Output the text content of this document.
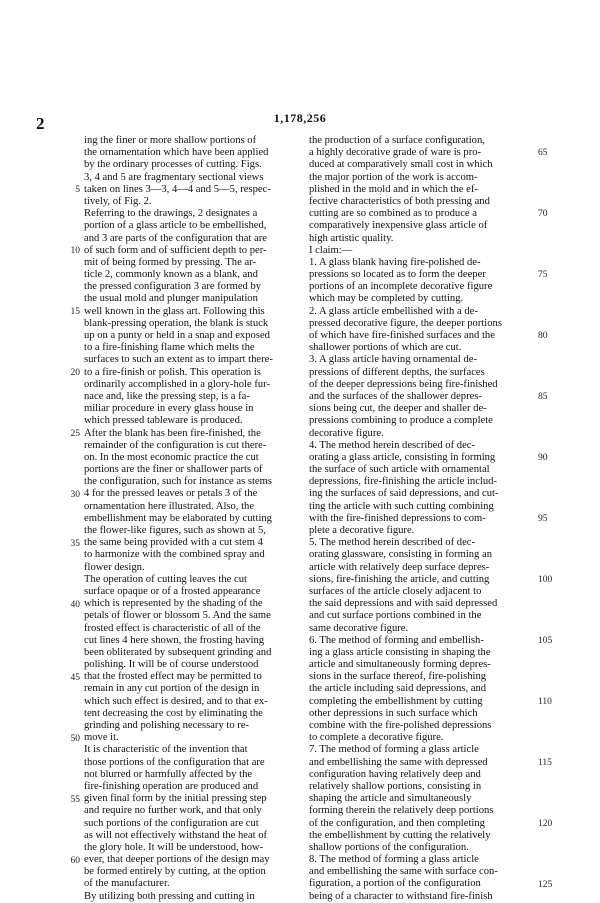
2	1,178,256
ing the finer or more shallow portions of
the ornamentation which have been applied
by the ordinary processes of cutting. Figs.
3, 4 and 5 are fragmentary sectional views
taken on lines 3—3, 4—4 and 5—5, respec-
tively, of Fig. 2.
Referring to the drawings, 2 designates a
portion of a glass article to be embellished,
and 3 are parts of the configuration that are
of such form and of sufficient depth to per-
mit of being formed by pressing. The ar-
ticle 2, commonly known as a blank, and
the pressed configuration 3 are formed by
the usual mold and plunger manipulation
well known in the glass art. Following this
blank-pressing operation, the blank is stuck
up on a punty or held in a snap and exposed
to a fire-finishing flame which melts the
surfaces to such an extent as to impart there-
to a fire-finish or polish. This operation is
ordinarily accomplished in a glory-hole fur-
nace and, like the pressing step, is a fa-
miliar procedure in every glass house in
which pressed tableware is produced.
After the blank has been fire-finished, the
remainder of the configuration is cut there-
on. In the most economic practice the cut
portions are the finer or shallower parts of
the configuration, such for instance as stems
4 for the pressed leaves or petals 3 of the
ornamentation here illustrated. Also, the
embellishment may be elaborated by cutting
the flower-like figures, such as shown at 5,
the same being provided with a cut stem 4
to harmonize with the combined spray and
flower design.
The operation of cutting leaves the cut
surface opaque or of a frosted appearance
which is represented by the shading of the
petals of flower or blossom 5. And the same
frosted effect is characteristic of all of the
cut lines 4 here shown, the frosting having
been obliterated by subsequent grinding and
polishing. It will be of course understood
that the frosted effect may be permitted to
remain in any cut portion of the design in
which such effect is desired, and to that ex-
tent decreasing the cost by eliminating the
grinding and polishing necessary to re-
move it.
It is characteristic of the invention that
those portions of the configuration that are
not blurred or harmfully affected by the
fire-finishing operation are produced and
given final form by the initial pressing step
and require no further work, and that only
such portions of the configuration are cut
as will not effectively withstand the heat of
the glory hole. It will be understood, how-
ever, that deeper portions of the design may
be formed entirely by cutting, at the option
of the manufacturer.
By utilizing both pressing and cutting in
the production of a surface configuration,
a highly decorative grade of ware is pro-
duced at comparatively small cost in which
the major portion of the work is accom-
plished in the mold and in which the ef-
fective characteristics of both pressing and
cutting are so combined as to produce a
comparatively inexpensive glass article of
high artistic quality.
I claim:—
1. A glass blank having fire-polished de-
pressions so located as to form the deeper
portions of an incomplete decorative figure
which may be completed by cutting.
2. A glass article embellished with a de-
pressed decorative figure, the deeper portions
of which have fire-finished surfaces and the
shallower portions of which are cut.
3. A glass article having ornamental de-
pressions of different depths, the surfaces
of the deeper depressions being fire-finished
and the surfaces of the shallower depres-
sions being cut, the deeper and shaller de-
pressions combining to produce a complete
decorative figure.
4. The method herein described of dec-
orating a glass article, consisting in forming
the surface of such article with ornamental
depressions, fire-finishing the article includ-
ing the surfaces of said depressions, and cut-
ting the article with such cutting combining
with the fire-finished depressions to com-
plete a decorative figure.
5. The method herein described of dec-
orating glassware, consisting in forming an
article with relatively deep surface depres-
sions, fire-finishing the article, and cutting
surfaces of the article closely adjacent to
the said depressions and with said depressed
and cut surface portions combined in the
same decorative figure.
6. The method of forming and embellish-
ing a glass article consisting in shaping the
article and simultaneously forming depres-
sions in the surface thereof, fire-polishing
the article including said depressions, and
completing the embellishment by cutting
other depressions in such surface which
combine with the fire-polished depressions
to complete a decorative figure.
7. The method of forming a glass article
and embellishing the same with depressed
configuration having relatively deep and
relatively shallow portions, consisting in
shaping the article and simultaneously
forming therein the relatively deep portions
of the configuration, and then completing
the embellishment by cutting the relatively
shallow portions of the configuration.
8. The method of forming a glass article
and embellishing the same with surface con-
figuration, a portion of the configuration
being of a character to withstand fire-finish
5
10
15
20
25
30
35
40
45
50
55
60
65
70
75
80
85
90
95
100
105
110
115
120
125
